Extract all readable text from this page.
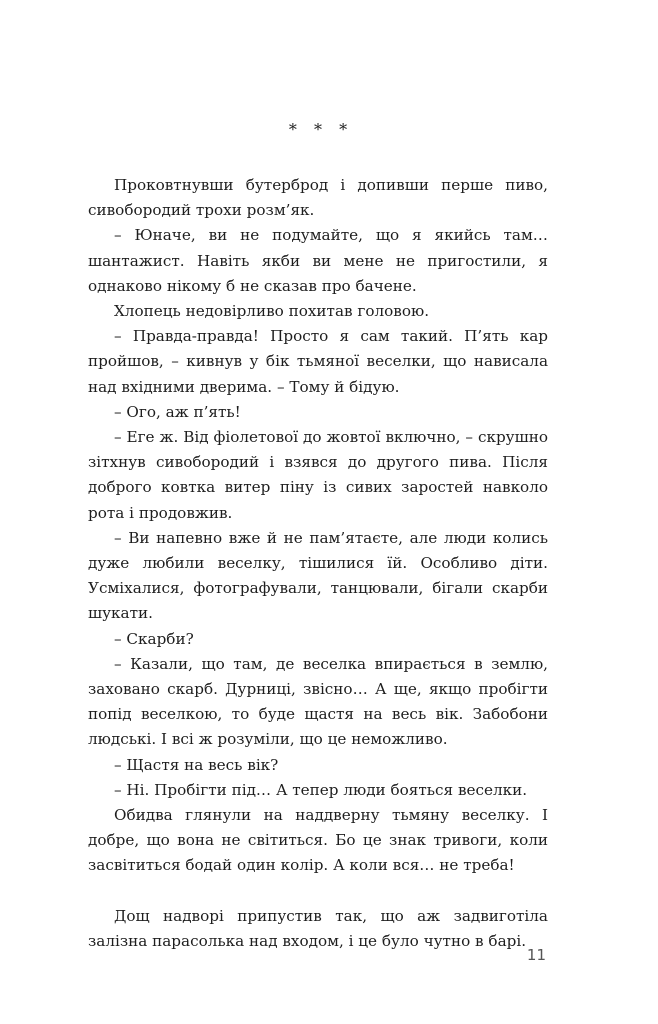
* * *

Проковтнувши бутерброд і допивши перше пиво, сивобородий трохи розм’як.

– Юначе, ви не подумайте, що я якийсь там… шантажист. Навіть якби ви мене не пригостили, я однаково нікому б не сказав про бачене.

Хлопець недовірливо похитав головою.

– Правда-правда! Просто я сам такий. П’ять кар пройшов, – кивнув у бік тьмяної веселки, що нависала над вхідними дверима. – Тому й бідую.

– Ого, аж п’ять!

– Еге ж. Від фіолетової до жовтої включно, – скрушно зітхнув сивобородий і взявся до другого пива. Після доброго ковтка витер піну із сивих заростей навколо рота і продовжив.

– Ви напевно вже й не пам’ятаєте, але люди колись дуже любили веселку, тішилися їй. Особливо діти. Усміхалися, фотографували, танцювали, бігали скарби шукати.

– Скарби?

– Казали, що там, де веселка впирається в землю, заховано скарб. Дурниці, звісно… А ще, якщо пробігти попід веселкою, то буде щастя на весь вік. Забобони людські. І всі ж розуміли, що це неможливо.

– Щастя на весь вік?

– Ні. Пробігти під… А тепер люди бояться веселки.

Обидва глянули на наддверну тьмяну веселку. І добре, що вона не світиться. Бо це знак тривоги, коли засвітиться бодай один колір. А коли вся… не треба!

Дощ надворі припустив так, що аж задвиготіла залізна парасолька над входом, і це було чутно в барі.

11
